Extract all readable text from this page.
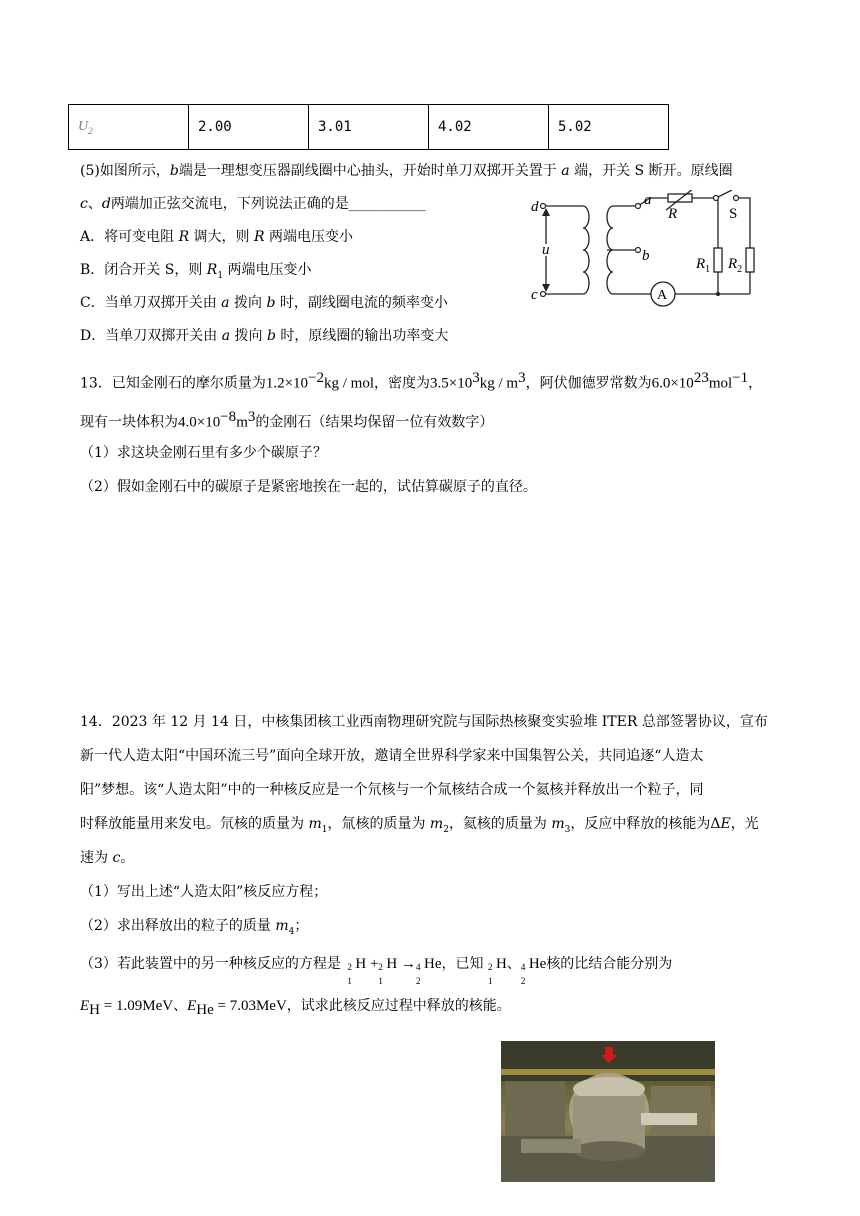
$U_2$	2.00	3.01	4.02	5.02
(5)如图所示，b端是一理想变压器副线圈中心抽头，开始时单刀双掷开关置于 a 端，开关 S 断开。原线圈
c、d两端加正弦交流电，下列说法正确的是___________
A．将可变电阻 R 调大，则 R 两端电压变小
B．闭合开关 S，则 $R_1$ 两端电压变小
C．当单刀双掷开关由 a 拨向 b 时，副线圈电流的频率变小
D．当单刀双掷开关由 a 拨向 b 时，原线圈的输出功率变大
d
c
u
a
b
R
$R_1$ $R_2$
S
A
13．已知金刚石的摩尔质量为$1.2\times 10^{-2}kg$ / mol，密度为$3.5\times 10^3kg / m^3$，阿伏伽德罗常数为$6.0\times 10^{23}mol^{-1}$，
现有一块体积为$4.0\times 10^{-8}m^3$的金刚石（结果均保留一位有效数字）
（1）求这块金刚石里有多少个碳原子？
（2）假如金刚石中的碳原子是紧密地挨在一起的，试估算碳原子的直径。
14．2023 年 12 月 14 日，中核集团核工业西南物理研究院与国际热核聚变实验堆 ITER 总部签署协议，宣布
新一代人造太阳“中国环流三号”面向全球开放，邀请全世界科学家来中国集智公关，共同追逐“人造太
阳”梦想。该“人造太阳”中的一种核反应是一个氘核与一个氚核结合成一个氦核并释放出一个粒子，同
时释放能量用来发电。氘核的质量为 $m_1$，氚核的质量为 $m_2$，氦核的质量为 $m_3$，反应中释放的核能为ΔE，光
速为 c。
（1）写出上述“人造太阳”核反应方程；
（2）求出释放出的粒子的质量 $m_4$；
（3）若此装置中的另一种核反应的方程是 2
1
H + 2
1
H → 4
2
He，已知 2
1
H、 4
2
He核的比结合能分别为
$E_H = 1.09MeV$、$E_{He} = 7.03MeV$，试求此核反应过程中释放的核能。
